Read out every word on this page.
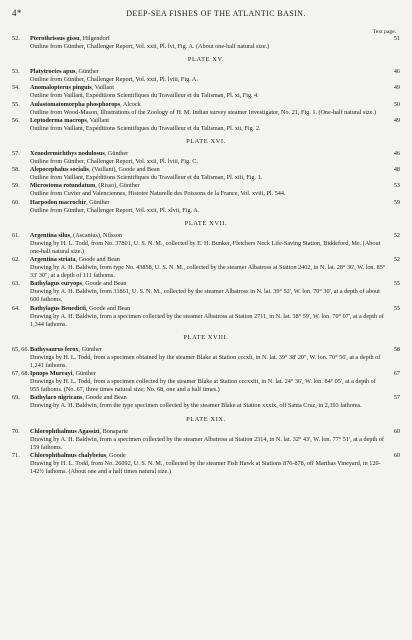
4*	DEEP-SEA FISHES OF THE ATLANTIC BASIN.
Text page.
52.	Pterothrissus gissu, Hilgendorf	51
Outline from Günther, Challenger Report, Vol. xxii, Pl. lvi, Fig. A. (About one-half natural size.)
PLATE XV.
53.	Platytroctes apus, Günther	46
Outline from Günther, Challenger Report, Vol. xxii, Pl. lviii, Fig. A.
54.	Anomalopterus pinguis, Vaillant	49
Outline from Vaillant, Expéditions Scientifiques du Travailleur et du Talisman, Pl. xi, Fig. 4.
55.	Aulastomatomorpha phosphorops, Alcock	50
Outline from Wood-Mason, Illustrations of the Zoology of H. M. Indian survey steamer Investigator, No. 21, Fig. 1. (One-half natural size.)
56.	Leptoderma macrops, Vaillant	49
Outline from Vaillant, Expéditions Scientifiques du Travailleur et du Talisman, Pl. xii, Fig. 2.
PLATE XVI.
57.	Xenodermichthys nodulosus, Günther	46
Outline from Günther, Challenger Report, Vol. xxii, Pl. lviii, Fig. C.
58.	Alepocephalus socialis, (Vaillant), Goode and Bean	48
Outline from Vaillant, Expéditions Scientifiques du Travailleur et du Talisman, Pl. xiii, Fig. 1.
59.	Microstoma rotundatum, (Risso), Günther	53
Outline from Cuvier and Valenciennes, Histoire Naturelle des Poissons de la France, Vol. xviii, Pl. 544.
60.	Harpodon macrochir, Günther	59
Outline from Günther, Challenger Report, Vol. xxii, Pl. xlvii, Fig. A.
PLATE XVII.
61.	Argentina silus, (Ascanius), Nilsson	52
Drawing by H. L. Todd, from No. 37801, U. S. N. M., collected by E. H. Bunker, Fletchers Neck Life-Saving Station, Biddeford, Me. (About one-half natural size.)
62.	Argentina striata, Goode and Bean	52
Drawing by A. H. Baldwin, from type No. 43858, U. S. N. M., collected by the steamer Albatross at Station 2402, in N. lat. 28° 36', W. lon. 85° 33' 30", at a depth of 111 fathoms.
63.	Bathylagus euryops, Goode and Bean	55
Drawing by A. H. Baldwin, from 31861, U. S. N. M., collected by the steamer Albatross in N. lat. 39° 52', W. lon. 70° 30', at a depth of about 600 fathoms.
64.	Bathylagus Benedicti, Goode and Bean	55
Drawing by A. H. Baldwin, from a specimen collected by the steamer Albatross at Station 2711, in N. lat. 38° 59', W. lon. 70° 07', at a depth of 1,344 fathoms.
PLATE XVIII.
65, 66. Bathysaurus ferox, Günther	58
Drawings by H. L. Todd, from a specimen obtained by the steamer Blake at Station cccxli, in N. lat. 39° 38' 20", W. lon. 70° 56', at a depth of 1,241 fathoms.
67, 68. Ipnops Murrayi, Günther	67
Drawings by H. L. Todd, from a specimen collected by the steamer Blake at Station cccxxiii, in N. lat. 24° 36', W. lon. 84° 05', at a depth of 955 fathoms. (No. 67, three times natural size; No. 68, one and a half times.)
69.	Bathylaco nigricans, Goode and Bean	57
Drawing by A. H. Baldwin, from the type specimen collected by the steamer Blake at Station xxxix, off Santa Cruz, in 2,393 fathoms.
PLATE XIX.
70.	Chlorophthalmus Agassizi, Bonaparte	60
Drawing by A. H. Baldwin, from a specimen collected by the steamer Albatross at Station 2314, in N. lat. 32° 43', W. lon. 77° 51', at a depth of 159 fathoms.
71.	Chlorophthalmus chalybeius, Goode	60
Drawing by H. L. Todd, from No. 26092, U. S. N. M., collected by the steamer Fish Hawk at Stations 876-878, off Marthas Vineyard, in 120-142½ fathoms. (About one and a half times natural size.)
